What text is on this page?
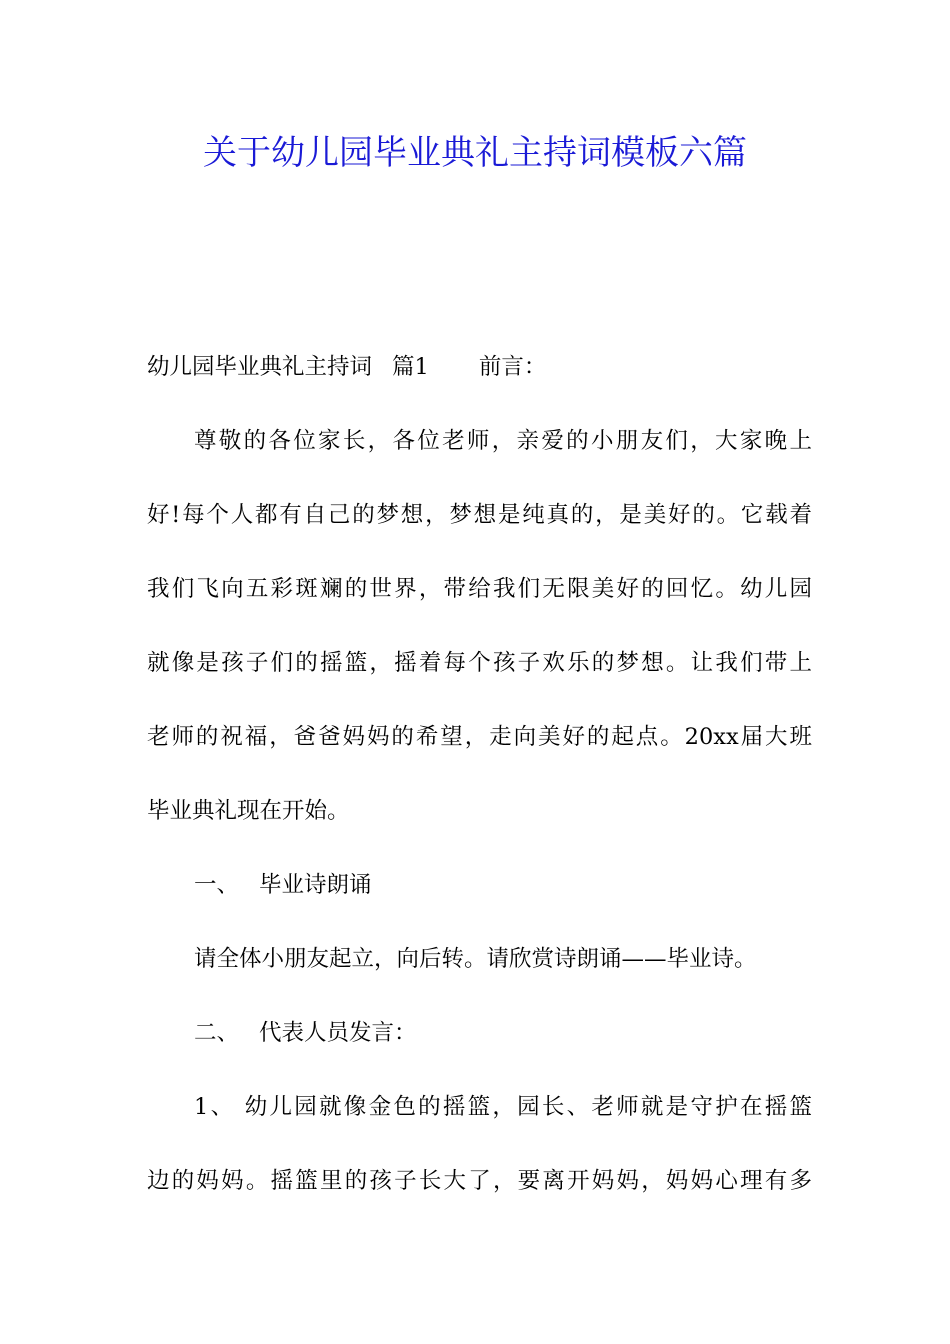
关于幼儿园毕业典礼主持词模板六篇
幼儿园毕业典礼主持词 篇1 前言：
尊敬的各位家长，各位老师，亲爱的小朋友们，大家晚上
好!每个人都有自己的梦想，梦想是纯真的，是美好的。它载着
我们飞向五彩斑斓的世界，带给我们无限美好的回忆。幼儿园
就像是孩子们的摇篮，摇着每个孩子欢乐的梦想。让我们带上
老师的祝福，爸爸妈妈的希望，走向美好的起点。20xx届大班
毕业典礼现在开始。
一、 毕业诗朗诵
请全体小朋友起立，向后转。请欣赏诗朗诵——毕业诗。
二、 代表人员发言：
1、 幼儿园就像金色的摇篮，园长、老师就是守护在摇篮
边的妈妈。摇篮里的孩子长大了，要离开妈妈，妈妈心理有多
